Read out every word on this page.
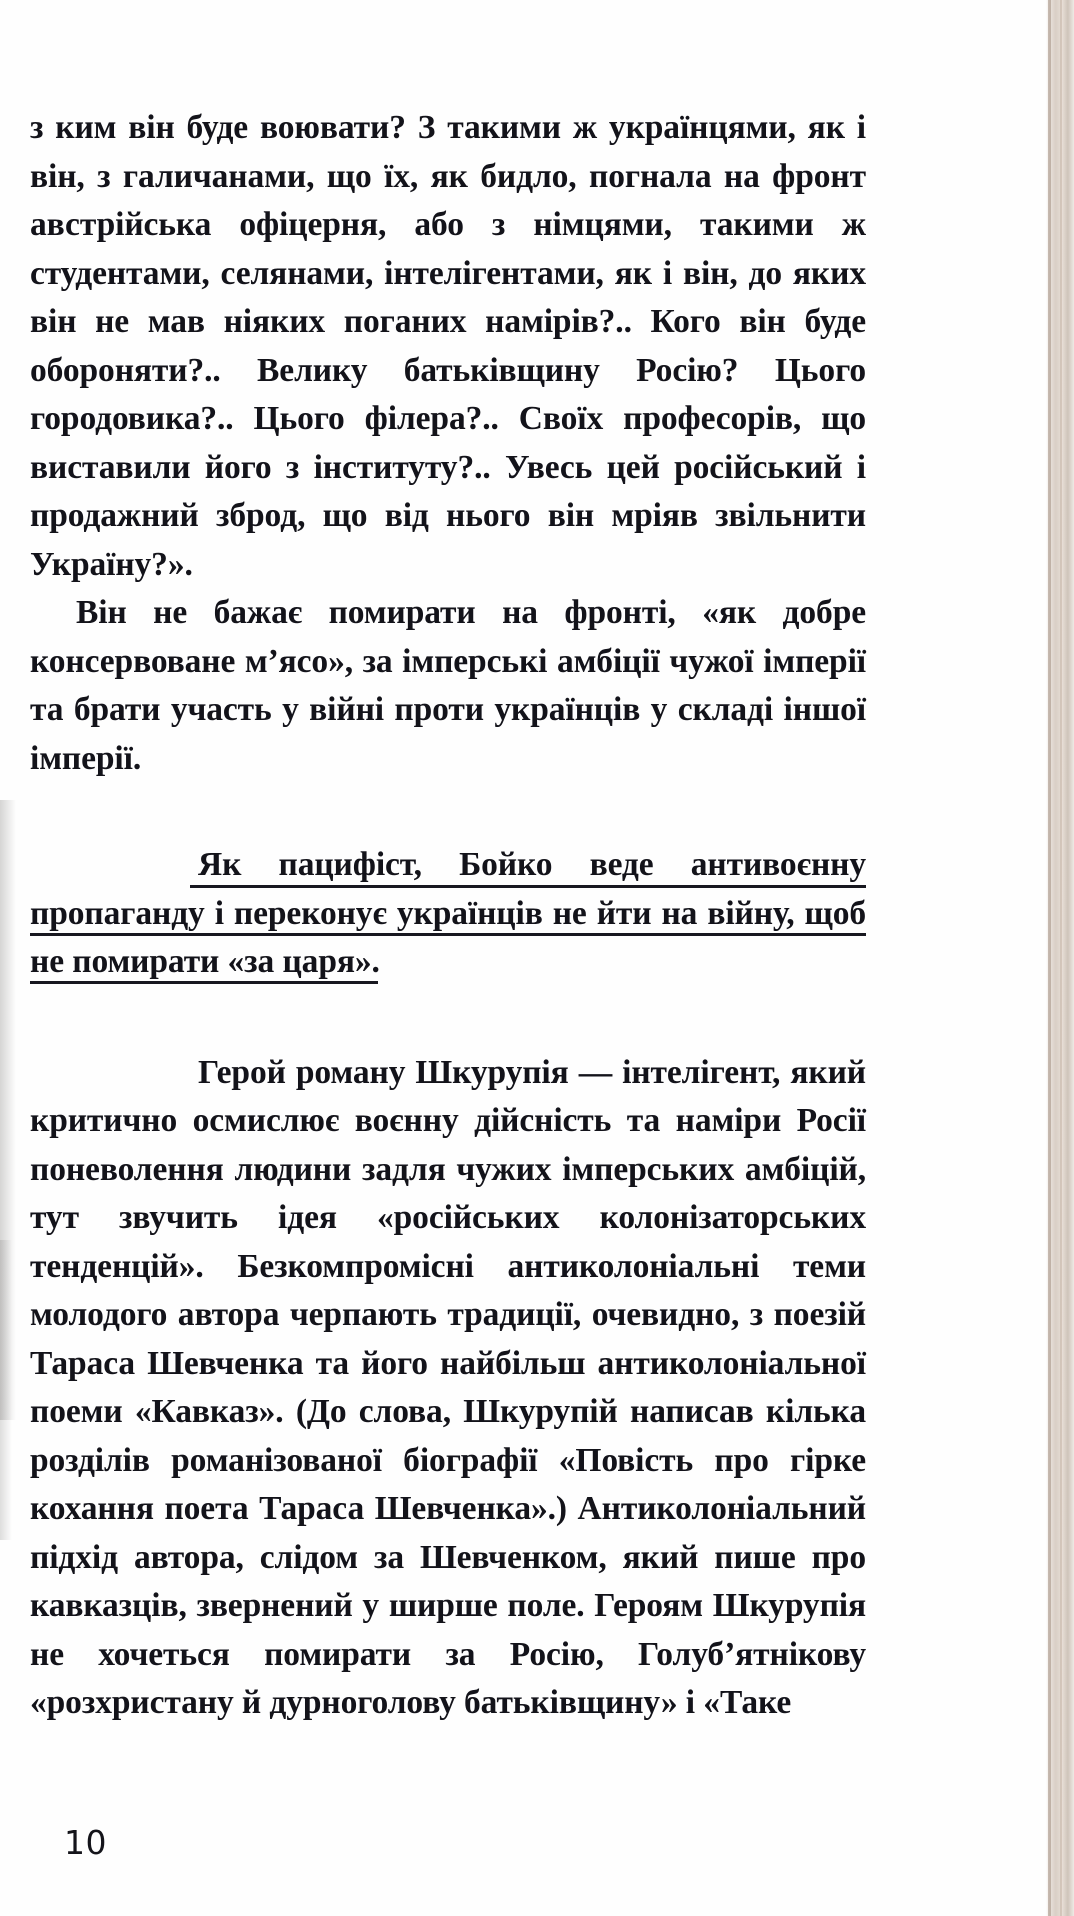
з ким він буде воювати? З такими ж українцями, як і він, з галичанами, що їх, як бидло, погнала на фронт австрійська офіцерня, або з німцями, такими ж студентами, селянами, інтелігентами, як і він, до яких він не мав ніяких поганих намірів?.. Кого він буде обороняти?.. Велику батьківщину Росію? Цього городовика?.. Цього філера?.. Своїх професорів, що виставили його з інституту?.. Увесь цей російський і продажний зброд, що від нього він мріяв звільнити Україну?».

Він не бажає помирати на фронті, «як добре консервоване м’ясо», за імперські амбіції чужої імперії та брати участь у війні проти українців у складі іншої імперії.

Як пацифіст, Бойко веде антивоєнну пропаганду і переконує українців не йти на війну, щоб не помирати «за царя».

Герой роману Шкурупія — інтелігент, який критично осмислює воєнну дійсність та наміри Росії поневолення людини задля чужих імперських амбіцій, тут звучить ідея «російських колонізаторських тенденцій». Безкомпромісні антиколоніальні теми молодого автора черпають традиції, очевидно, з поезій Тараса Шевченка та його найбільш антиколоніальної поеми «Кавказ». (До слова, Шкурупій написав кілька розділів романізованої біографії «Повість про гірке кохання поета Тараса Шевченка».) Антиколоніальний підхід автора, слідом за Шевченком, який пише про кавказців, звернений у ширше поле. Героям Шкурупія не хочеться помирати за Росію, Голуб’ятнікову «розхристану й дурноголову батьківщину» і «Таке

10
